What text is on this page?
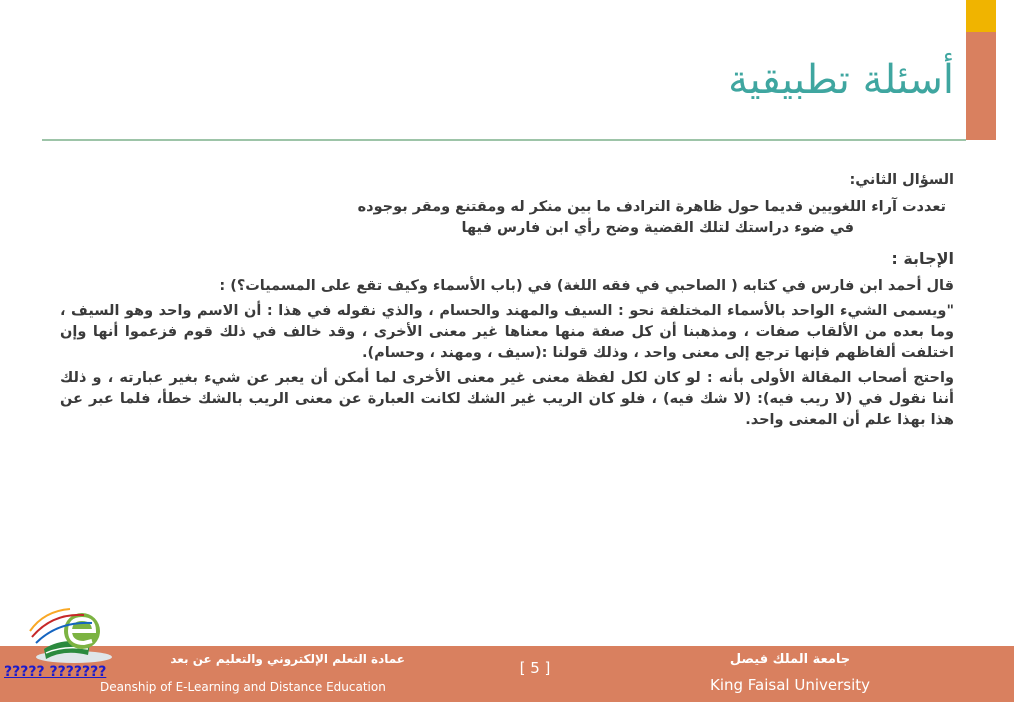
أسئلة تطبيقية

السؤال الثاني:

تعددت آراء اللغويين قديما حول ظاهرة الترادف ما بين منكر له ومقتنع ومقر بوجوده

في ضوء دراستك لتلك القضية وضح رأي ابن فارس فيها

الإجابة :

قال أحمد ابن فارس في كتابه ( الصاحبي في فقه اللغة) في (باب الأسماء وكيف تقع على المسميات؟) :

"ويسمى الشيء الواحد بالأسماء المختلفة نحو : السيف والمهند والحسام ، والذي نقوله في هذا : أن الاسم واحد وهو السيف ، وما بعده من الألقاب صفات ، ومذهبنا أن كل صفة منها معناها غير معنى الأخرى ، وقد خالف في ذلك قوم فزعموا أنها وإن اختلفت ألفاظهم فإنها ترجع إلى معنى واحد ، وذلك قولنا :(سيف ، ومهند ، وحسام).

واحتج أصحاب المقالة الأولى بأنه : لو كان لكل لفظة معنى غير معنى الأخرى لما أمكن أن يعبر عن شيء بغير عبارته ، و ذلك أننا نقول في (لا ريب فيه): (لا شك فيه) ، فلو كان الريب غير الشك لكانت العبارة عن معنى الريب بالشك خطأ، فلما عبر عن هذا بهذا علم أن المعنى واحد.

جامعة الملك فيصل
King Faisal University
[ 5 ]
عمادة التعلم الإلكتروني والتعليم عن بعد
Deanship of E-Learning and Distance Education
????? ???????
